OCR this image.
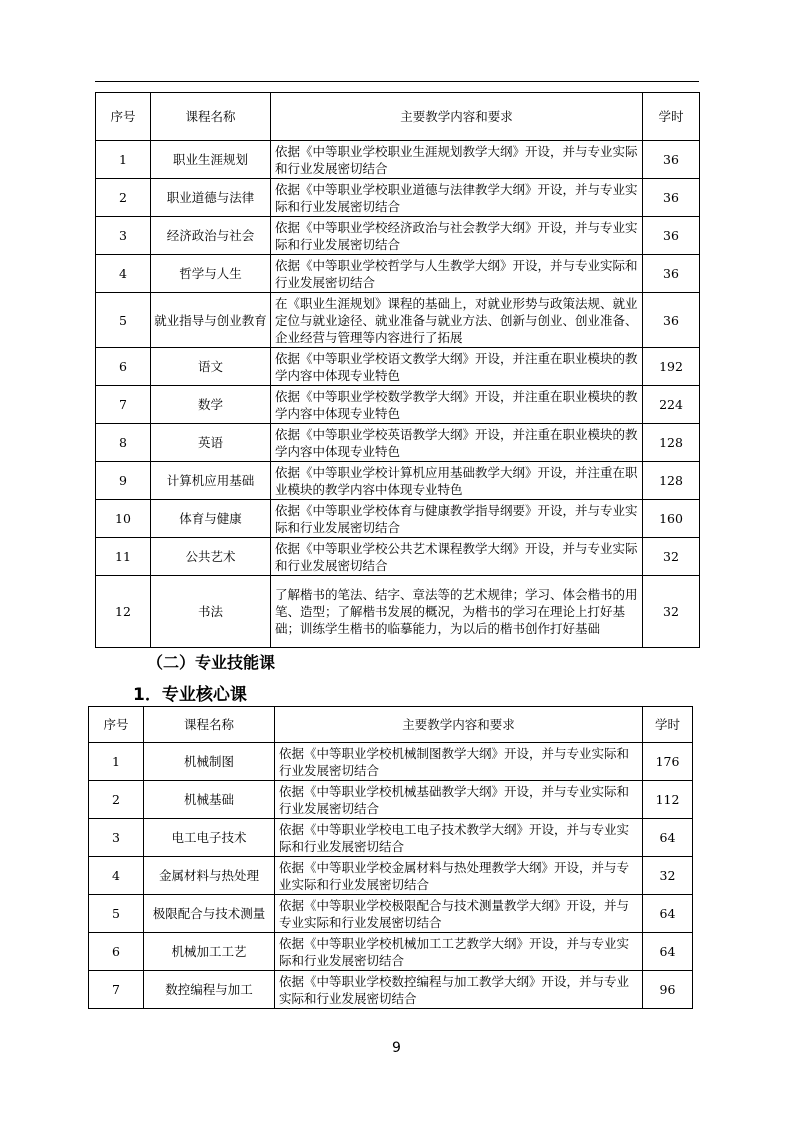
序号	课程名称	主要教学内容和要求	学时
1	职业生涯规划	依据《中等职业学校职业生涯规划教学大纲》开设，并与专业实际和行业发展密切结合	36
2	职业道德与法律	依据《中等职业学校职业道德与法律教学大纲》开设，并与专业实际和行业发展密切结合	36
3	经济政治与社会	依据《中等职业学校经济政治与社会教学大纲》开设，并与专业实际和行业发展密切结合	36
4	哲学与人生	依据《中等职业学校哲学与人生教学大纲》开设，并与专业实际和行业发展密切结合	36
5	就业指导与创业教育	在《职业生涯规划》课程的基础上，对就业形势与政策法规、就业定位与就业途径、就业准备与就业方法、创新与创业、创业准备、企业经营与管理等内容进行了拓展	36
6	语文	依据《中等职业学校语文教学大纲》开设，并注重在职业模块的教学内容中体现专业特色	192
7	数学	依据《中等职业学校数学教学大纲》开设，并注重在职业模块的教学内容中体现专业特色	224
8	英语	依据《中等职业学校英语教学大纲》开设，并注重在职业模块的教学内容中体现专业特色	128
9	计算机应用基础	依据《中等职业学校计算机应用基础教学大纲》开设，并注重在职业模块的教学内容中体现专业特色	128
10	体育与健康	依据《中等职业学校体育与健康教学指导纲要》开设，并与专业实际和行业发展密切结合	160
11	公共艺术	依据《中等职业学校公共艺术课程教学大纲》开设，并与专业实际和行业发展密切结合	32
12	书法	了解楷书的笔法、结字、章法等的艺术规律；学习、体会楷书的用笔、造型；了解楷书发展的概况，为楷书的学习在理论上打好基础；训练学生楷书的临摹能力，为以后的楷书创作打好基础	32
（二）专业技能课
1．专业核心课
序号	课程名称	主要教学内容和要求	学时
1	机械制图	依据《中等职业学校机械制图教学大纲》开设，并与专业实际和行业发展密切结合	176
2	机械基础	依据《中等职业学校机械基础教学大纲》开设，并与专业实际和行业发展密切结合	112
3	电工电子技术	依据《中等职业学校电工电子技术教学大纲》开设，并与专业实际和行业发展密切结合	64
4	金属材料与热处理	依据《中等职业学校金属材料与热处理教学大纲》开设，并与专业实际和行业发展密切结合	32
5	极限配合与技术测量	依据《中等职业学校极限配合与技术测量教学大纲》开设，并与专业实际和行业发展密切结合	64
6	机械加工工艺	依据《中等职业学校机械加工工艺教学大纲》开设，并与专业实际和行业发展密切结合	64
7	数控编程与加工	依据《中等职业学校数控编程与加工教学大纲》开设，并与专业实际和行业发展密切结合	96
9
